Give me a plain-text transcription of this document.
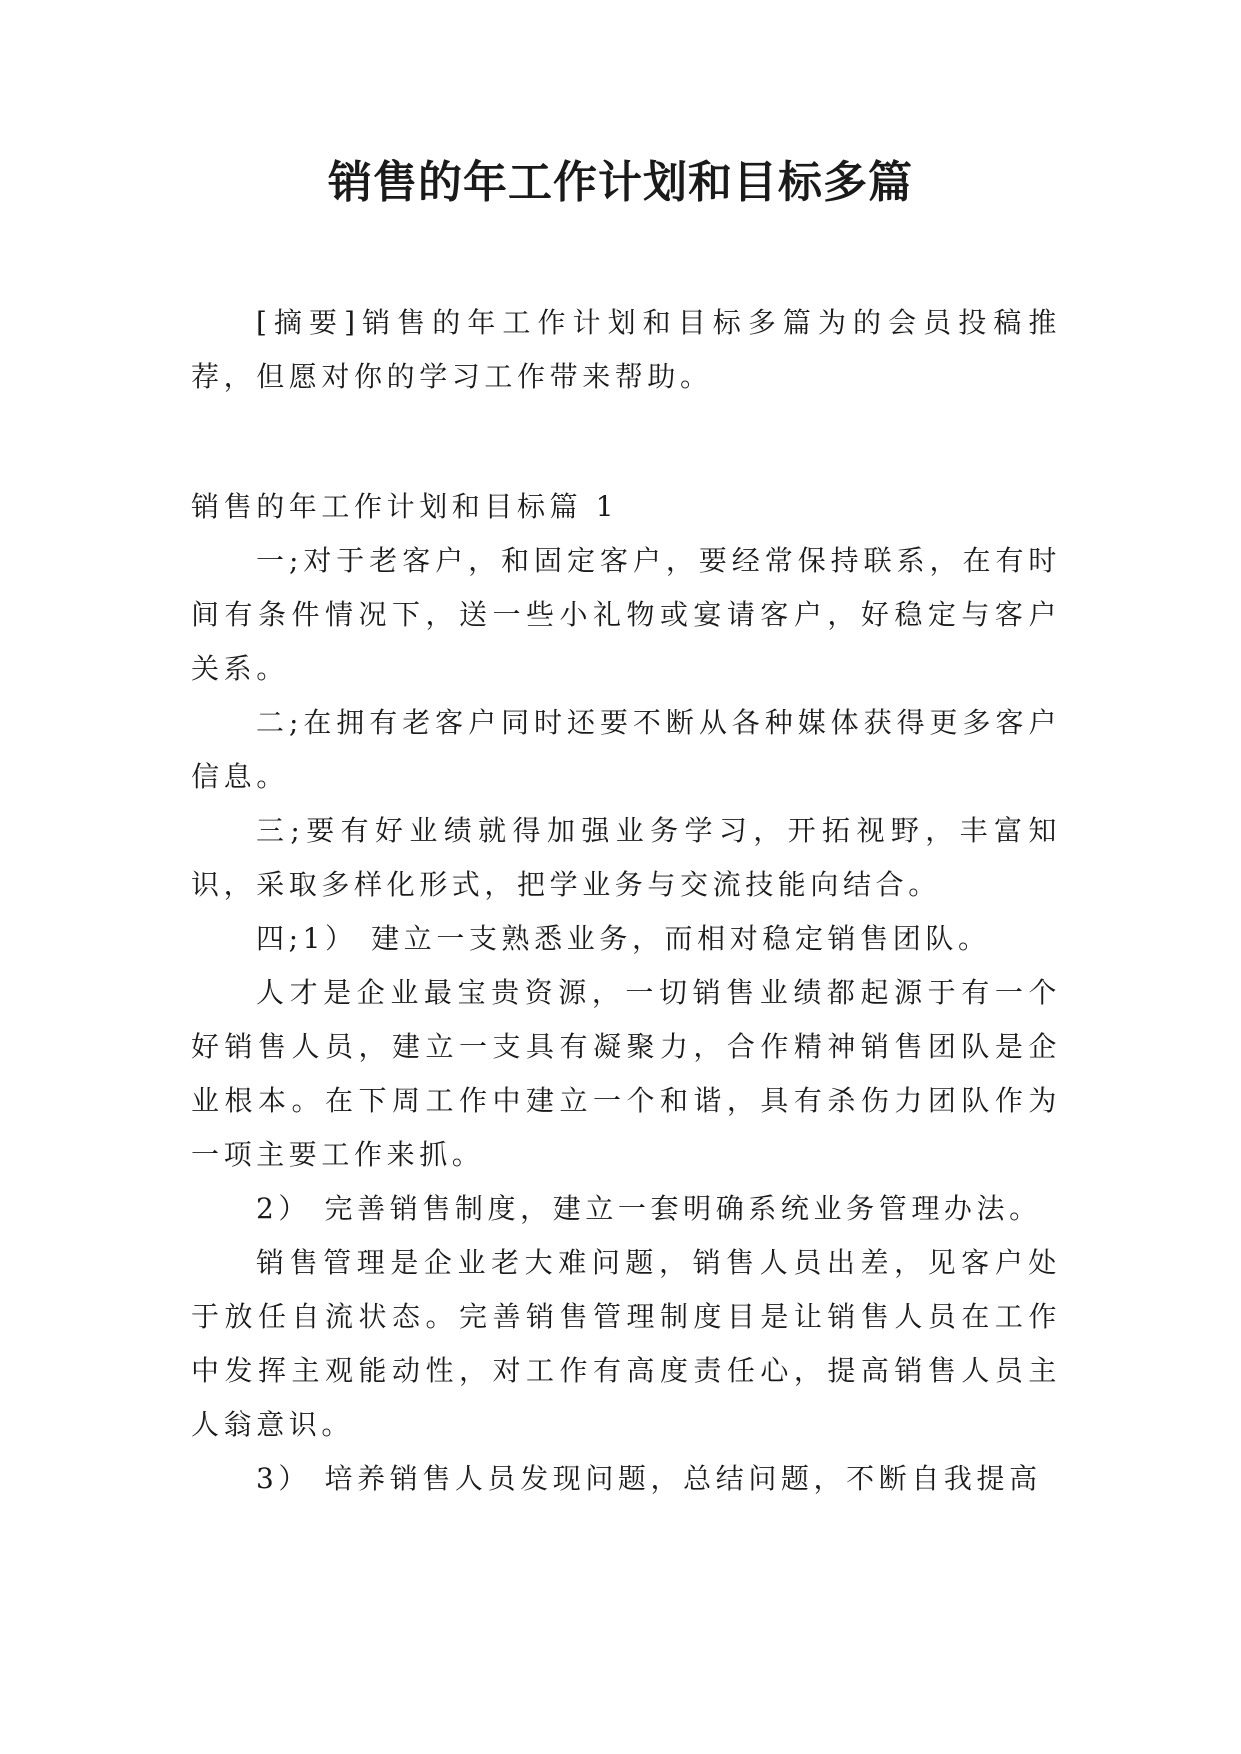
销售的年工作计划和目标多篇

[摘要]销售的年工作计划和目标多篇为的会员投稿推荐，但愿对你的学习工作带来帮助。

销售的年工作计划和目标篇 1

一;对于老客户，和固定客户，要经常保持联系，在有时间有条件情况下，送一些小礼物或宴请客户，好稳定与客户关系。

二;在拥有老客户同时还要不断从各种媒体获得更多客户信息。

三;要有好业绩就得加强业务学习，开拓视野，丰富知识，采取多样化形式，把学业务与交流技能向结合。

四;1） 建立一支熟悉业务，而相对稳定销售团队。

人才是企业最宝贵资源，一切销售业绩都起源于有一个好销售人员，建立一支具有凝聚力，合作精神销售团队是企业根本。在下周工作中建立一个和谐，具有杀伤力团队作为一项主要工作来抓。

2） 完善销售制度，建立一套明确系统业务管理办法。

销售管理是企业老大难问题，销售人员出差，见客户处于放任自流状态。完善销售管理制度目是让销售人员在工作中发挥主观能动性，对工作有高度责任心，提高销售人员主人翁意识。

3） 培养销售人员发现问题，总结问题，不断自我提高
